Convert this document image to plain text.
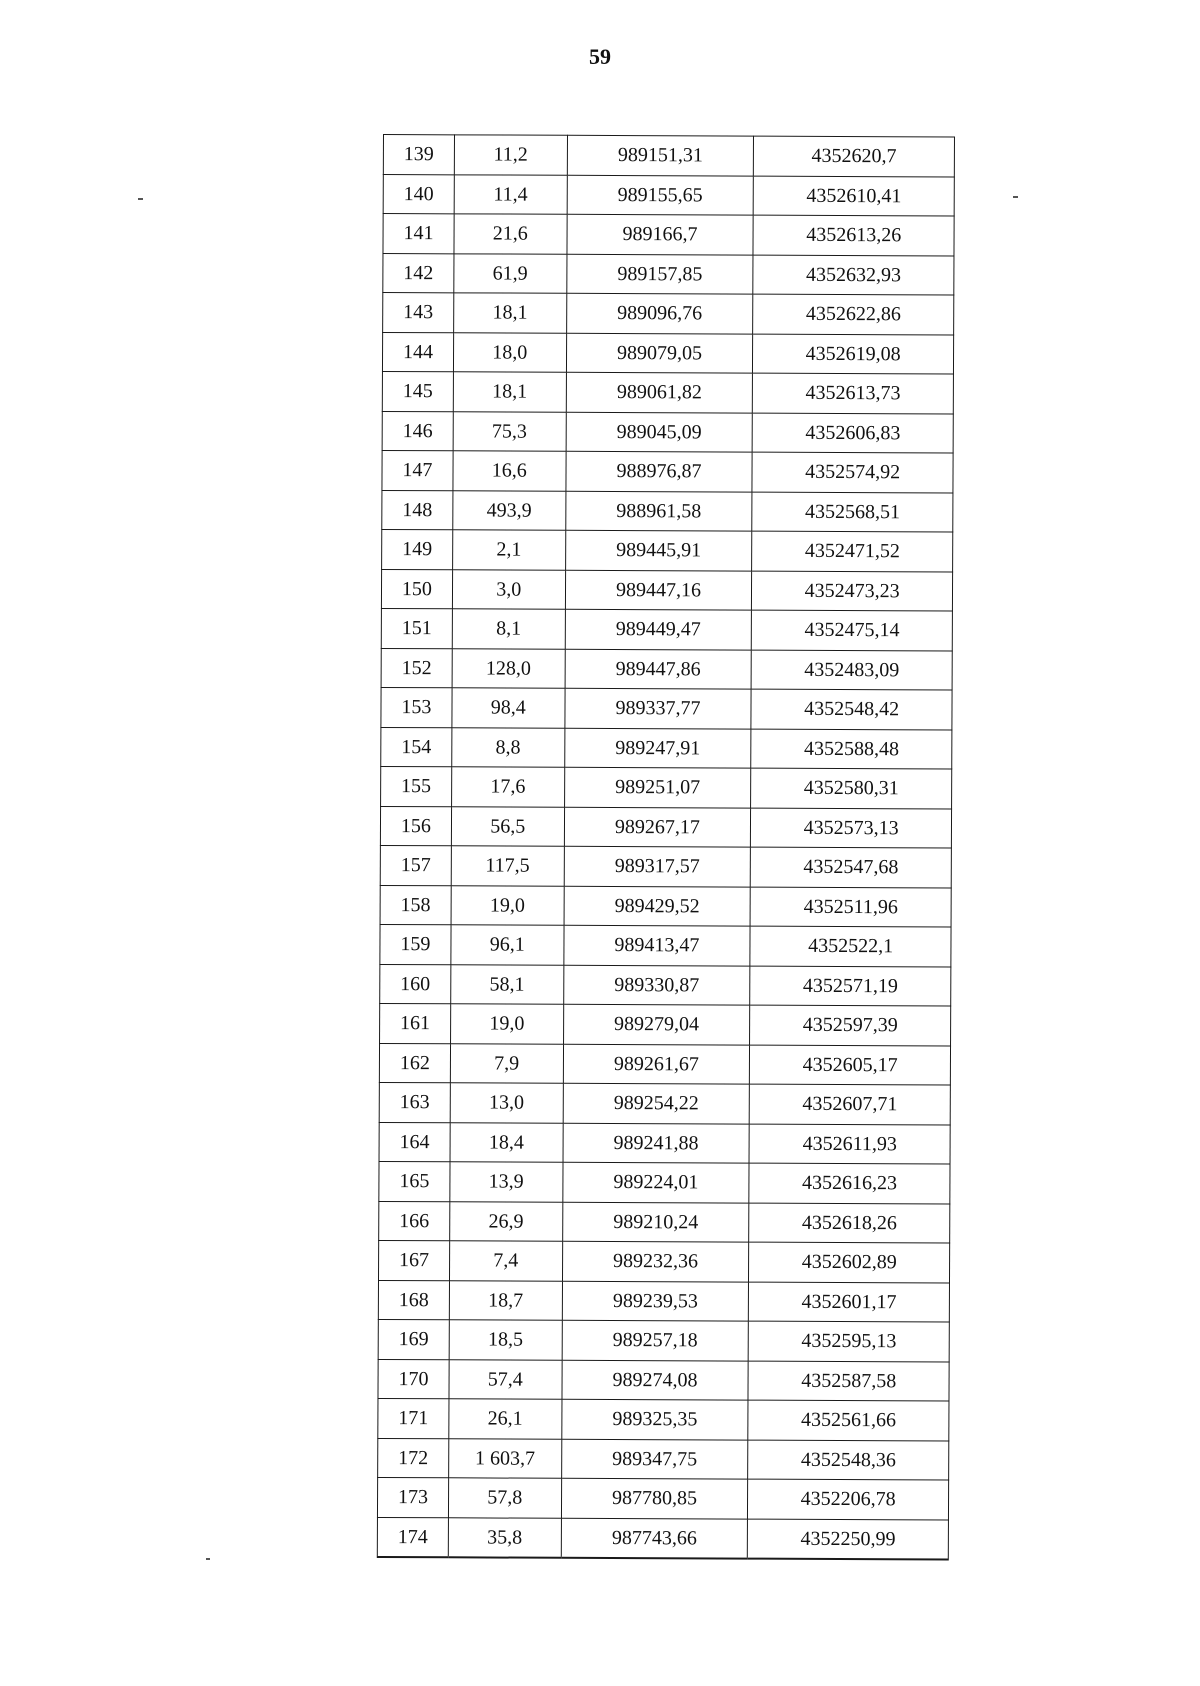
59
139	11,2	989151,31	4352620,7
140	11,4	989155,65	4352610,41
141	21,6	989166,7	4352613,26
142	61,9	989157,85	4352632,93
143	18,1	989096,76	4352622,86
144	18,0	989079,05	4352619,08
145	18,1	989061,82	4352613,73
146	75,3	989045,09	4352606,83
147	16,6	988976,87	4352574,92
148	493,9	988961,58	4352568,51
149	2,1	989445,91	4352471,52
150	3,0	989447,16	4352473,23
151	8,1	989449,47	4352475,14
152	128,0	989447,86	4352483,09
153	98,4	989337,77	4352548,42
154	8,8	989247,91	4352588,48
155	17,6	989251,07	4352580,31
156	56,5	989267,17	4352573,13
157	117,5	989317,57	4352547,68
158	19,0	989429,52	4352511,96
159	96,1	989413,47	4352522,1
160	58,1	989330,87	4352571,19
161	19,0	989279,04	4352597,39
162	7,9	989261,67	4352605,17
163	13,0	989254,22	4352607,71
164	18,4	989241,88	4352611,93
165	13,9	989224,01	4352616,23
166	26,9	989210,24	4352618,26
167	7,4	989232,36	4352602,89
168	18,7	989239,53	4352601,17
169	18,5	989257,18	4352595,13
170	57,4	989274,08	4352587,58
171	26,1	989325,35	4352561,66
172	1 603,7	989347,75	4352548,36
173	57,8	987780,85	4352206,78
174	35,8	987743,66	4352250,99
